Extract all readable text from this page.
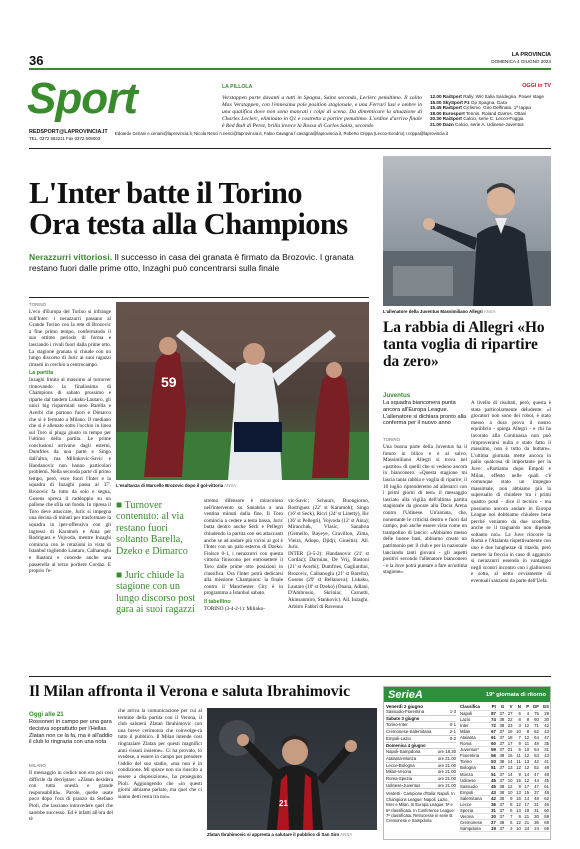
36	LA PROVINCIA
DOMENICA 4 GIUGNO 2023
Sport
REDSPORT@LAPROVINCIA.IT
TEL. 0372 582211 Fax 0372 505003
LA PILLOLA
Verstappen parte davanti a tutti in Spagna, Sainz secondo, Leclerc penultimo. Il solito Max Verstappen, con l'ennesima pole position stagionale, e una Ferrari lusi e ombre in una qualifica dove non sono mancati i colpi di scena. Da dimenticare la situazione di Charles Leclerc, eliminato in Q1 e costretto a partire penultimo. L'ordine d'arrivo finale è Red Bull di Perez, brilla invece la Rossa di Carlos Sainz, secondo
OGGI in TV
12.00 RaiSport Rally. Wrc Italia Sardegna. Power stage
15.00 SkySport F1 Gp Spagna. Gara
15.45 RaiSport Ciclismo. Giro Delfinato. 1ª tappa
18.00 Eurosport Tennis. Roland Garros. Ottavi
20.30 RaiSport Calcio, serie C. Lecco-Foggia
21.00 Dazn Calcio, serie A. Udinese-Juventus
Edoardo Ceriani e.ceriani@laprovincia.it, Nicola Nenci n.nenci@laprovincia.it, Fabio Cavagna f.cavagna@laprovincia.it, Roberto Crippa (Lecco-Sondrio) r.crippa@laprovincia.it
L'Inter batte il Torino
Ora testa alla Champions
Nerazzurri vittoriosi. Il successo in casa dei granata è firmato da Brozovic. I granata restano fuori dalle prime otto, Inzaghi può concentrarsi sulla finale
L'allenatore della Juventus Massimiliano Allegri ANSA
TORINO
L'eco d'Europa del Torino si infrange sull'Inter: i nerazzurri passano al Grande Torino con la rete di Brozovic a fine primo tempo, confermando il suo ottimo periodo di forma e lasciando i rivali fuori dalla prime otto. La stagione granata si chiude con un lungo discorso di Juric ai suoi ragazzi rimasti in cerchio a centrocampo.
La partita
Inzaghi limita al massimo al turnover rinnovando la finalissima di Champions di sabato prossimo e riparte dal tandem Lukaku-Lautaro, gli unici big risparmiati sono Barella e Acerbi che partono fuori e Dimarco che si è fermato a Milano. Il mediano che si è allenato sotto l'occhio in linea sul Toro si pluga giusto in tempo per l'ultimo della partita. Le prime conclusioni arrivano dagli esterni, Dumfries da una parte e Singo dall'altra, ma Milinkovic-Savic e Handanovic non hanno particolari problemi. Nella seconda parte di primo tempo, però, esce fuori l'Inter e la squadra di Inzaghi passa al 37'. Brozovic fa tutto da solo e segna, Gosens spreca il raddoppio su un pallone che sfila sul fondo. In ripresa il Toro deve attaccare, Juric si impegna una decina di minuti per trasformare la squadra in iper-offensiva con gli ingressi di Karamoh e Aina per Rodriguez e Vojvoda, mentre Inzaghi comincia con le rotazioni in vista di Istanbul togliendo Lautaro, Calhanoglu e Bastoni e concede anche una passerella al terzo portiere Cordaz. E proprio l'e-
59
L'esultanza di Marcello Brozovic dopo il gol-vittoria ANSA
■ Turnover contenuto: al via restano fuori soltanto Barella, Dzeko e Dimarco
■ Juric chiude la stagione con un lungo discorso post gara ai suoi ragazzi
stremo difensore è miracoloso nell'intervento su Sanabria a una ventina minuti dalla fine. Il Toro comincia a cedere a testa bassa, Juric butta dentro anche Seck e Pellegri chiudendo la partita con sei attaccanti anche se ad andare più vicini al gol è l'Inter con un palo esterno di Dzeko. Finisce 0-1, i nerazzurri con questa vittoria finiscono per entrosettere il Toro dalle prime otto posizioni in classifica. Ora l'Inter potrà dedicarsi alla missione Champions: la finale contro il Manchester City è in programma a Istanbul sabato.
Il tabellino
TORINO (3-4-2-1): Milinko-
vic-Savic; Schuurs, Buongiorno, Rodriguez (22' st Karamoh); Singo (16' st Seck), Ricci (24' st Linetty), Ilic (36' st Pellegri), Vojvoda (12' st Aina); Miranchuk, Vlasic; Sanabria (Gemello, Bayeye, Gravillon, Zima, Vieira, Adopo, Djidji, Gineitis). All. Juric.
INTER (3-5-2): Handanovic (21' st Cordaz); Darmian, De Vrij, Bastoni (21' st Acerbi); Dumfries, Gagliardini, Brozovic, Calhanoglu (21' st Barella), Gosens (29' st Bellanova); Lukaku, Lautaro (10' st Dzeko) (Onana, Adlani, D'Ambrosio, Skriniar, Carnotti, Akinsanmiro, Stankovic). All. Inzaghi.
Arbitro Fabbri di Ravenna
La rabbia di Allegri «Ho tanta voglia di ripartire da zero»
Juventus
La squadra bianconera punta ancora all'Europa League. L'allenatore si dichiara pronto alla conferma per il nuovo anno
TORINO
Una buona parte della Juventus ha il futuro in bilico e è al salvo, Massimiliano Allegri si trova nel «partito» di quelli che si vedono ancora in bianconero. «Questa stagione mi lascia tanta rabbia e voglia di riparire, il 10 luglio riprenderemo ad allenarci con i primi giorni di test» il messaggio lasciato alla vigilia dell'ultima partita stagionale da giocare alla Dacia Arena contro l'Udinese. Un'annata, che, nonostante le criticità dentro e fuori dal campo, può anche essere vista come un trampolino di lancio: «Abbiamo messo delle buone basi, abbiamo creato un patrimonio per il club e per la nazionale lanciando tanti giovani - gli aspetti positivi secondo l'allenatore bianconero - e la Juve potrà puntare a fare un'ottima stagione».
A livello di risultati, però, questa è stata particolarmente deludente: «I giocatori non sono dei robot, è stato messo a dura prova il nostro equilibrio - spiega Allegri - e chi ha lavorato alla Continassa non può rimproverarsi nulla e stato fatto il massimo, non è tutto da buttare». L'ultima giornata mette ancora in palio qualcosa di importante per la Juve: «Partiamo dopo Empoli e Milan, effetto nelle quali c'è comunque stato un impegno massimale, non abbiamo più la superuallo di chiudere tra i primi quattro posti - dice il tecnico - ma possiamo ancora andare in Europa League noi dobbiamo chiudere bene perché veniamo da due sconfitte, anche se il traguardo non dipende soltanto noi». La Juve rincorre la Roma e l'Atalanta rispettivamente con uno e due lunghezze di ritardo, però mettere la freccia in caso di aggancio si nerazzurri essendo in vantaggio negli scontri incontro con i giallorossi e sotto, al netto ovviamente di eventuali sanzioni da parte dell'Uefa.
Il Milan affronta il Verona e saluta Ibrahimovic
Oggi alle 21
Rossoneri in campo per una gara decisiva soprattutto per l'Hellas. Zlatan non ce la fa, ma è all'addio il club lo ringrazia con una nota
MILANO
Il messaggio in codice non era poi così difficile da decriptare: «Zlatan desidera con tutta onestà e grande responsabilità». Parole, quelle usate poco dopo l'ora di pranzo da Stefano Pioli, che lasciano intravedere quel che sarebbe successo. Ed è infatti all'ora del tè
che arriva la comunicazione per cui al termine della partita con il Verona, il club saluterà Zlatan Ibrahimovic con una breve cerimonia che coinvolge-rà tutto il pubblico. Il Milan intende così ringraziare Zlatan per questi magnifici anni vissuti insieme». Ci ha provato, lo svedese, a essere in campo per prendere l'addio del suo stadio, «ma non è in condizione. Mi spiace non sia riuscito a essere a disposizione», ha proseguito Pioli. Aggiungendo che «in questi giorni abbiamo parlato, ma quel che ci siamo detti resta tra noi».
21
Zlatan Ibrahimovic si appresta a salutare il pubblico di San Siro ANSA
SerieA	19ª giornata di ritorno
Venerdì 2 giugno
Sassuolo-Fiorentina	1-3
Sabato 3 giugno
Torino-Inter	0-1
Cremonese-Salernitana	2-1
Empoli-Lazio	0-2
Domenica 4 giugno
Napoli-Sampdoria	ore 18.30
Atalanta-Monza	ore 21.00
Lecce-Bologna	ore 21.00
Milan-Verona	ore 21.00
Roma-Spezia	ore 21.00
Udinese-Juventus	ore 21.00
Verdetti - Campione d'Italia: Napoli. In Champions League: Napoli, Lazio, Inter e Milan. In Europa League: 5ª e 6ª classificata. In Conference League: 7ª classificata. Retrocesse in serie B: Cremonese e Sampdoria
Classifica	Pt	G	V	N	P	GF	GS
Napoli	87	37	27	6	4	75	28
Lazio	74	38	22	8	8	60	30
Inter	72	38	23	3	12	71	42
Milan	67	37	19	10	8	62	43
Atalanta	61	37	18	7	12	64	47
Roma	60	37	17	9	11	48	35
Juventus*	59	37	21	6	10	54	31
Fiorentina	56	38	15	11	12	53	43
Torino	53	38	14	11	13	42	41
Bologna	51	37	13	12	12	52	48
Monza	51	37	14	9	14	47	48
Udinese	45	37	10	15	12	44	45
Sassuolo	45	38	12	9	17	47	61
Empoli	43	38	10	13	15	37	48
Salernitana	42	38	9	15	14	48	62
Lecce	36	37	8	12	17	31	46
Spezia	31	37	6	13	18	31	60
Verona	30	37	7	9	21	30	59
Cremonese	27	38	5	12	21	36	69
Sampdoria	19	37	3	10	24	24	69
